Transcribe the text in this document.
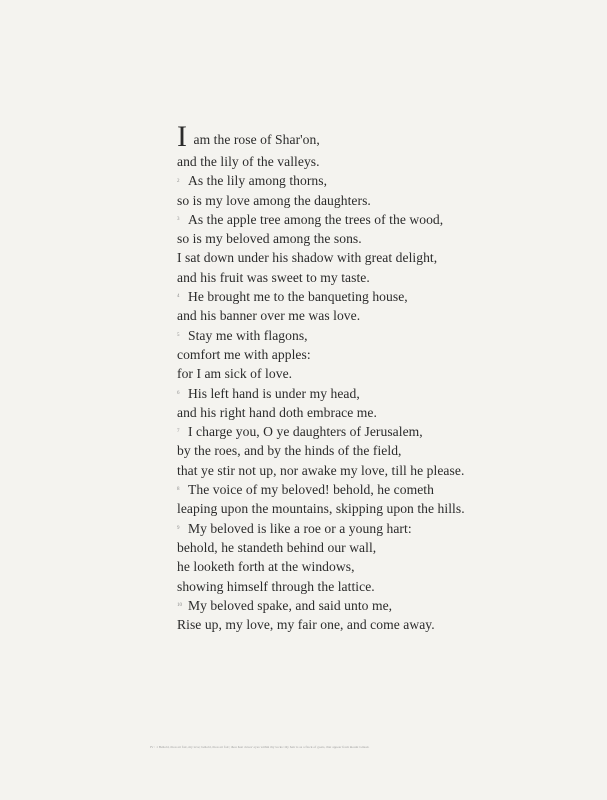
I am the rose of Shar'on,
and the lily of the valleys.
2 As the lily among thorns,
so is my love among the daughters.
3 As the apple tree among the trees of the wood,
so is my beloved among the sons.
I sat down under his shadow with great delight,
and his fruit was sweet to my taste.
4 He brought me to the banqueting house,
and his banner over me was love.
5 Stay me with flagons,
comfort me with apples:
for I am sick of love.
6 His left hand is under my head,
and his right hand doth embrace me.
7 I charge you, O ye daughters of Jerusalem,
by the roes, and by the hinds of the field,
that ye stir not up, nor awake my love, till he please.
8 The voice of my beloved! behold, he cometh
leaping upon the mountains, skipping upon the hills.
9 My beloved is like a roe or a young hart:
behold, he standeth behind our wall,
he looketh forth at the windows,
showing himself through the lattice.
10 My beloved spake, and said unto me,
Rise up, my love, my fair one, and come away.
IV : 1 Behold, thou art fair, my love; behold, thou art fair; thou hast doves' eyes within thy locks: thy hair is as a flock of goats, that appear from mount Gilead.
